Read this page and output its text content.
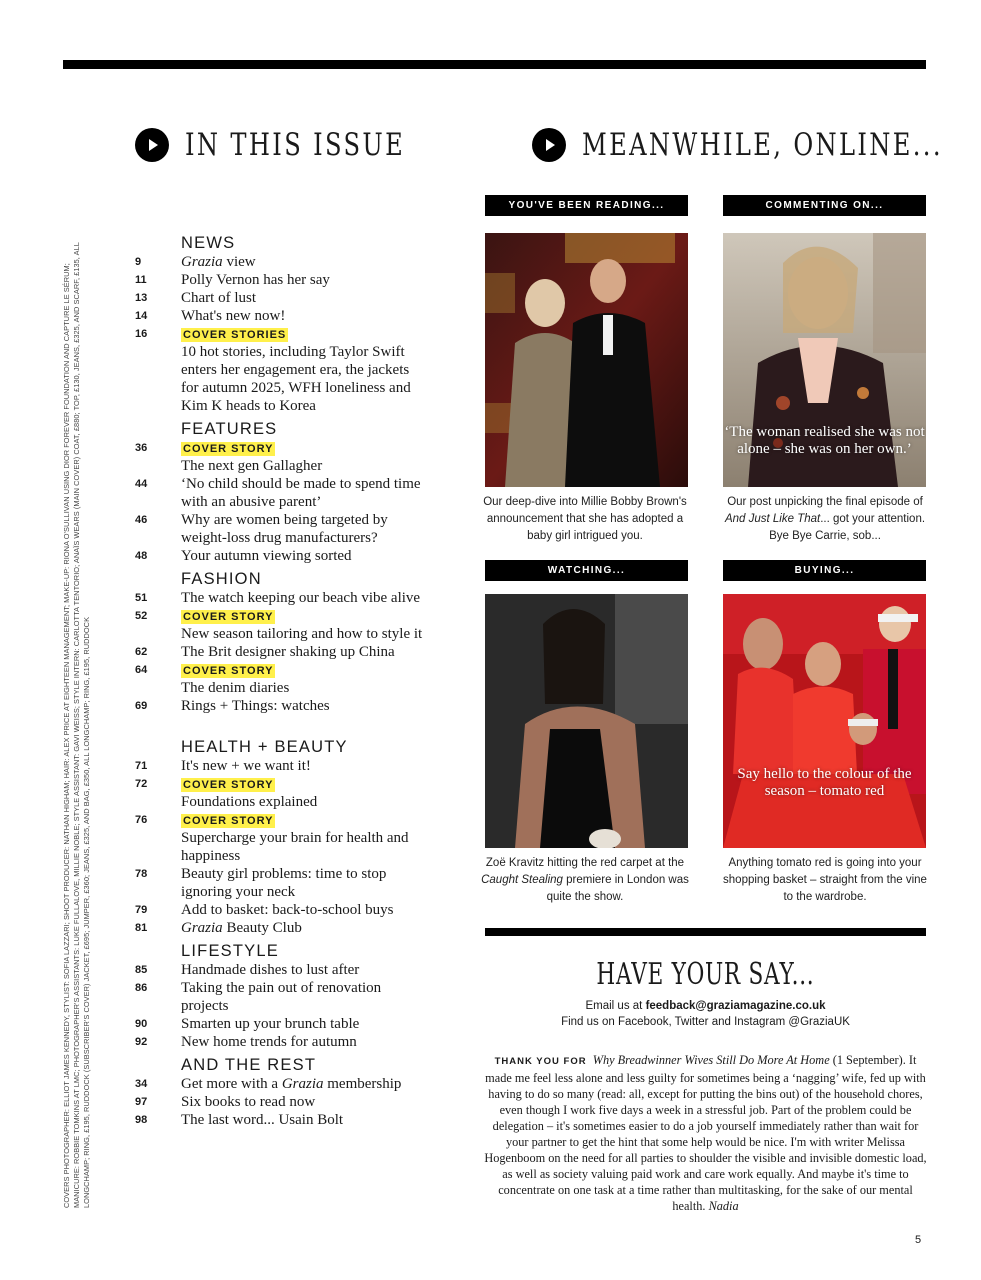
IN THIS ISSUE	MEANWHILE, ONLINE...
COVERS PHOTOGRAPHER: ELLIOT JAMES KENNEDY, STYLIST: SOFIA LAZZARI; SHOOT PRODUCER: NATHAN HIGHAM; HAIR: ALEX PRICE AT EIGHTEEN MANAGEMENT; MAKE-UP: RIONA O'SULLIVAN USING DIOR FOREVER FOUNDATION AND CAPTURE LE SÉRUM; MANICURE: ROBBIE TOMKINS AT LMC; PHOTOGRAPHER'S ASSISTANTS: LUKE FULLALOVE, MILLIE NOBLE; STYLE ASSISTANT: GAVI WEISS; STYLE INTERN: CARLOTTA TENTORIO; ANAÏS WEARS (MAIN COVER) COAT, £880; TOP, £130, JEANS, £325, AND SCARF, £135, ALL LONGCHAMP; RING, £195, RUDDOCK (SUBSCRIBER'S COVER) JACKET, £695; JUMPER, £360; JEANS, £325, AND BAG, £350, ALL LONGCHAMP; RING, £195, RUDDOCK
NEWS
9	Grazia view
11	Polly Vernon has her say
13	Chart of lust
14	What's new now!
16	COVER STORIES
10 hot stories, including Taylor Swift enters her engagement era, the jackets for autumn 2025, WFH loneliness and Kim K heads to Korea
FEATURES
36	COVER STORY
The next gen Gallagher
44	‘No child should be made to spend time with an abusive parent’
46	Why are women being targeted by weight-loss drug manufacturers?
48	Your autumn viewing sorted
FASHION
51	The watch keeping our beach vibe alive
52	COVER STORY
New season tailoring and how to style it
62	The Brit designer shaking up China
64	COVER STORY
The denim diaries
69	Rings + Things: watches
HEALTH + BEAUTY
71	It's new + we want it!
72	COVER STORY
Foundations explained
76	COVER STORY
Supercharge your brain for health and happiness
78	Beauty girl problems: time to stop ignoring your neck
79	Add to basket: back-to-school buys
81	Grazia Beauty Club
LIFESTYLE
85	Handmade dishes to lust after
86	Taking the pain out of renovation projects
90	Smarten up your brunch table
92	New home trends for autumn
AND THE REST
34	Get more with a Grazia membership
97	Six books to read now
98	The last word... Usain Bolt
YOU'VE BEEN READING...
Our deep-dive into Millie Bobby Brown's announcement that she has adopted a baby girl intrigued you.
COMMENTING ON...
‘The woman realised she was not alone – she was on her own.’
Our post unpicking the final episode of And Just Like That... got your attention. Bye Bye Carrie, sob...
WATCHING...
Zoë Kravitz hitting the red carpet at the Caught Stealing premiere in London was quite the show.
BUYING...
Say hello to the colour of the season – tomato red
Anything tomato red is going into your shopping basket – straight from the vine to the wardrobe.
HAVE YOUR SAY...
Email us at feedback@graziamagazine.co.uk
Find us on Facebook, Twitter and Instagram @GraziaUK
THANK YOU FOR Why Breadwinner Wives Still Do More At Home (1 September). It made me feel less alone and less guilty for sometimes being a ‘nagging’ wife, fed up with having to do so many (read: all, except for putting the bins out) of the household chores, even though I work five days a week in a stressful job. Part of the problem could be delegation – it's sometimes easier to do a job yourself immediately rather than wait for your partner to get the hint that some help would be nice. I'm with writer Melissa Hogenboom on the need for all parties to shoulder the visible and invisible domestic load, as well as society valuing paid work and care work equally. And maybe it's time to concentrate on one task at a time rather than multitasking, for the sake of our mental health. Nadia
5
